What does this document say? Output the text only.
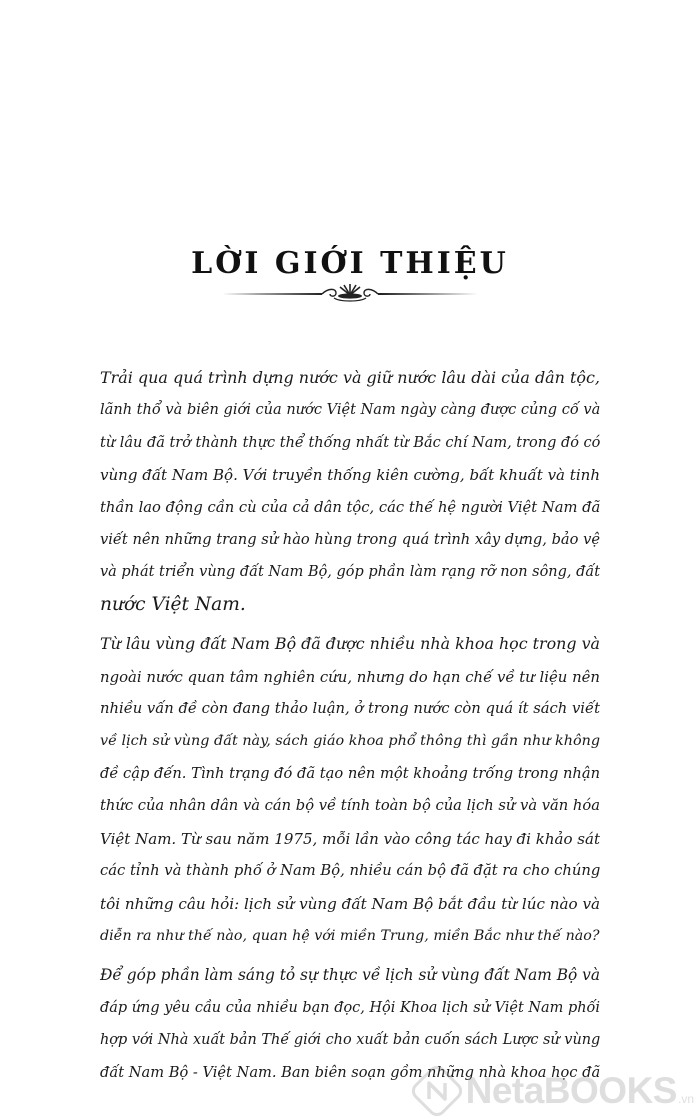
LỜI GIỚI THIỆU

Trải qua quá trình dựng nước và giữ nước lâu dài của dân tộc,
lãnh thổ và biên giới của nước Việt Nam ngày càng được củng cố và
từ lâu đã trở thành thực thể thống nhất từ Bắc chí Nam, trong đó có
vùng đất Nam Bộ. Với truyền thống kiên cường, bất khuất và tinh
thần lao động cần cù của cả dân tộc, các thế hệ người Việt Nam đã
viết nên những trang sử hào hùng trong quá trình xây dựng, bảo vệ
và phát triển vùng đất Nam Bộ, góp phần làm rạng rỡ non sông, đất
nước Việt Nam.

Từ lâu vùng đất Nam Bộ đã được nhiều nhà khoa học trong và
ngoài nước quan tâm nghiên cứu, nhưng do hạn chế về tư liệu nên
nhiều vấn đề còn đang thảo luận, ở trong nước còn quá ít sách viết
về lịch sử vùng đất này, sách giáo khoa phổ thông thì gần như không
đề cập đến. Tình trạng đó đã tạo nên một khoảng trống trong nhận
thức của nhân dân và cán bộ về tính toàn bộ của lịch sử và văn hóa
Việt Nam. Từ sau năm 1975, mỗi lần vào công tác hay đi khảo sát
các tỉnh và thành phố ở Nam Bộ, nhiều cán bộ đã đặt ra cho chúng
tôi những câu hỏi: lịch sử vùng đất Nam Bộ bắt đầu từ lúc nào và
diễn ra như thế nào, quan hệ với miền Trung, miền Bắc như thế nào?

Để góp phần làm sáng tỏ sự thực về lịch sử vùng đất Nam Bộ và
đáp ứng yêu cầu của nhiều bạn đọc, Hội Khoa lịch sử Việt Nam phối
hợp với Nhà xuất bản Thế giới cho xuất bản cuốn sách Lược sử vùng
đất Nam Bộ - Việt Nam. Ban biên soạn gồm những nhà khoa học đã

NetaBOOKS .vn
